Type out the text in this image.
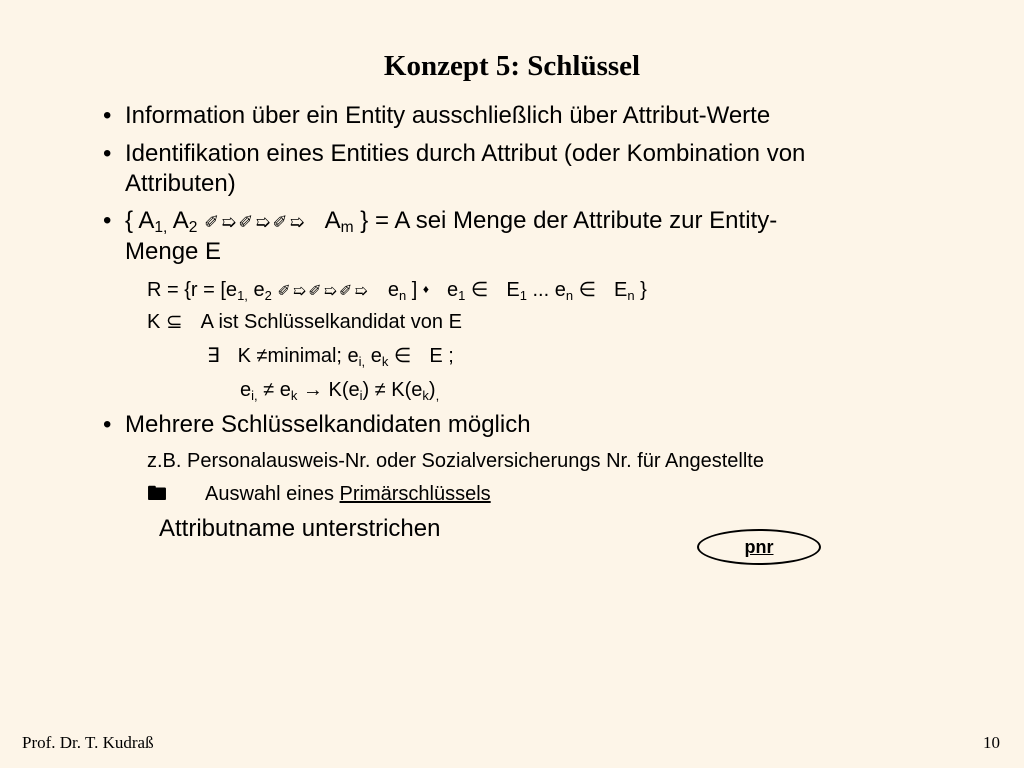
Konzept 5: Schlüssel
• Information über ein Entity ausschließlich über Attribut-Werte
• Identifikation eines Entities durch Attribut (oder Kombination von
Attributen)
• { $A_{1,}$ $A_2$ ✐➯✐➯✐➯ $A_m$ } = A sei Menge der Attribute zur Entity-
Menge E
$R = \{r = [e_{1,}$ $e_2$ ✐➯✐➯✐➯ $e_n$ ] ♦ $e_1$ ∈ $E_1$ ... $e_n$ ∈ $E_n$ }
K ⊆ A ist Schlüsselkandidat von E
∃ K ≠minimal; $e_{i,}$ $e_k$ ∈ E ;
$e_{i,} \ne e_k \to K(e_i) \ne K(e_k)_,$
• Mehrere Schlüsselkandidaten möglich
z.B. Personalausweis-Nr. oder Sozialversicherungs Nr. für Angestellte
🖿 Auswahl eines Primärschlüssels
Attributname unterstrichen
pnr
Prof. Dr. T. Kudraß	10
